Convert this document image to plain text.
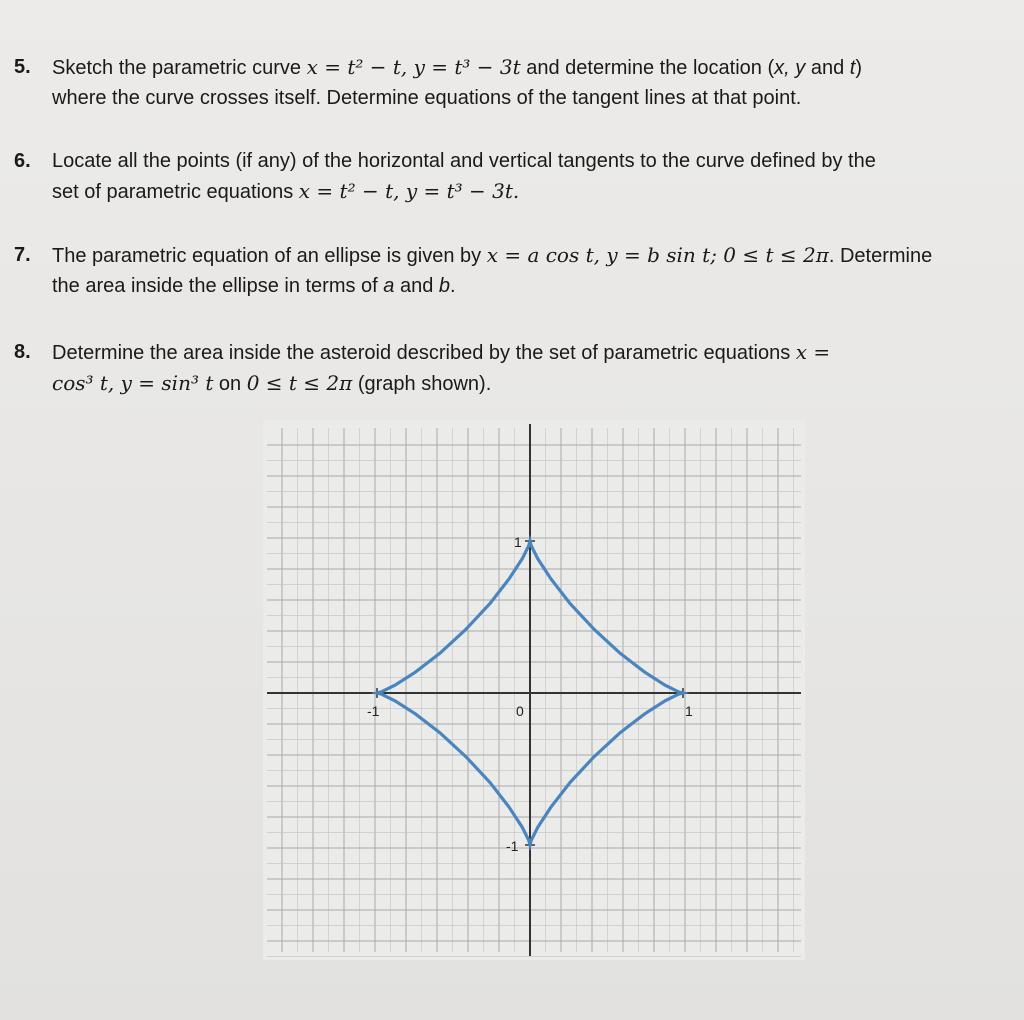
5. Sketch the parametric curve x = t² − t, y = t³ − 3t and determine the location (x, y and t)
where the curve crosses itself. Determine equations of the tangent lines at that point.
6. Locate all the points (if any) of the horizontal and vertical tangents to the curve defined by the
set of parametric equations x = t² − t, y = t³ − 3t.
7. The parametric equation of an ellipse is given by x = a cos t, y = b sin t; 0 ≤ t ≤ 2π. Determine
the area inside the ellipse in terms of a and b.
8. Determine the area inside the asteroid described by the set of parametric equations x =
cos³ t, y = sin³ t on 0 ≤ t ≤ 2π (graph shown).
-1	0	1
1
-1
